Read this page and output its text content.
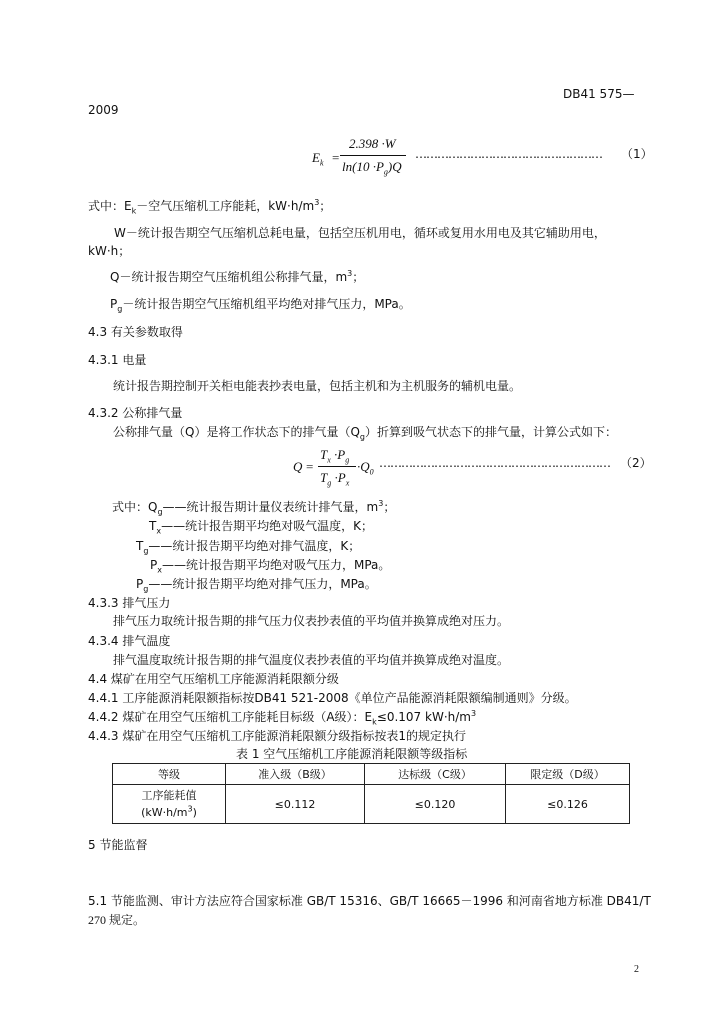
DB41 575—
2009
$E_k$ =
2.398 ·W
$\ln(10 \cdot P_g)Q$
…………………………………………… （1）
式中：$E_k-$空气压缩机工序能耗，$kW\cdot h/m^3$；
W－统计报告期空气压缩机总耗电量，包括空压机用电，循环或复用水用电及其它辅助用电，
kW·h；
Q－统计报告期空气压缩机组公称排气量，$m^3$；
$P_g-$统计报告期空气压缩机组平均绝对排气压力，MPa。
4.3 有关参数取得
4.3.1 电量
统计报告期控制开关柜电能表抄表电量，包括主机和为主机服务的辅机电量。
4.3.2 公称排气量
公称排气量（Q）是将工作状态下的排气量$(Q_g)$折算到吸气状态下的排气量，计算公式如下：
Q =
$T_x \cdot P_g$
$T_g \cdot P_x$
$\cdot Q_0$
……………………………………………………… （2）
式中：$Q_g——$统计报告期计量仪表统计排气量，$m^3$；
$T_x——$统计报告期平均绝对吸气温度，K；
$T_g——$统计报告期平均绝对排气温度，K；
$P_x——$统计报告期平均绝对吸气压力，MPa。
$P_g——$统计报告期平均绝对排气压力，MPa。
4.3.3 排气压力
排气压力取统计报告期的排气压力仪表抄表值的平均值并换算成绝对压力。
4.3.4 排气温度
排气温度取统计报告期的排气温度仪表抄表值的平均值并换算成绝对温度。
4.4 煤矿在用空气压缩机工序能源消耗限额分级
4.4.1 工序能源消耗限额指标按DB41 521-2008《单位产品能源消耗限额编制通则》分级。
4.4.2 煤矿在用空气压缩机工序能耗目标级（A级）：$E_k\le 0.107$ $kW\cdot h/m^3$
4.4.3 煤矿在用空气压缩机工序能源消耗限额分级指标按表1的规定执行
表 1 空气压缩机工序能源消耗限额等级指标
等级	准入级（B级）	达标级（C级）	限定级（D级）

工序能耗值
$(kW\cdot h/m^3)$	≤0.112	≤0.120	≤0.126
5 节能监督
5.1 节能监测、审计方法应符合国家标准 GB/T 15316、GB/T 16665－1996 和河南省地方标准 DB41/T
270 规定。
2
